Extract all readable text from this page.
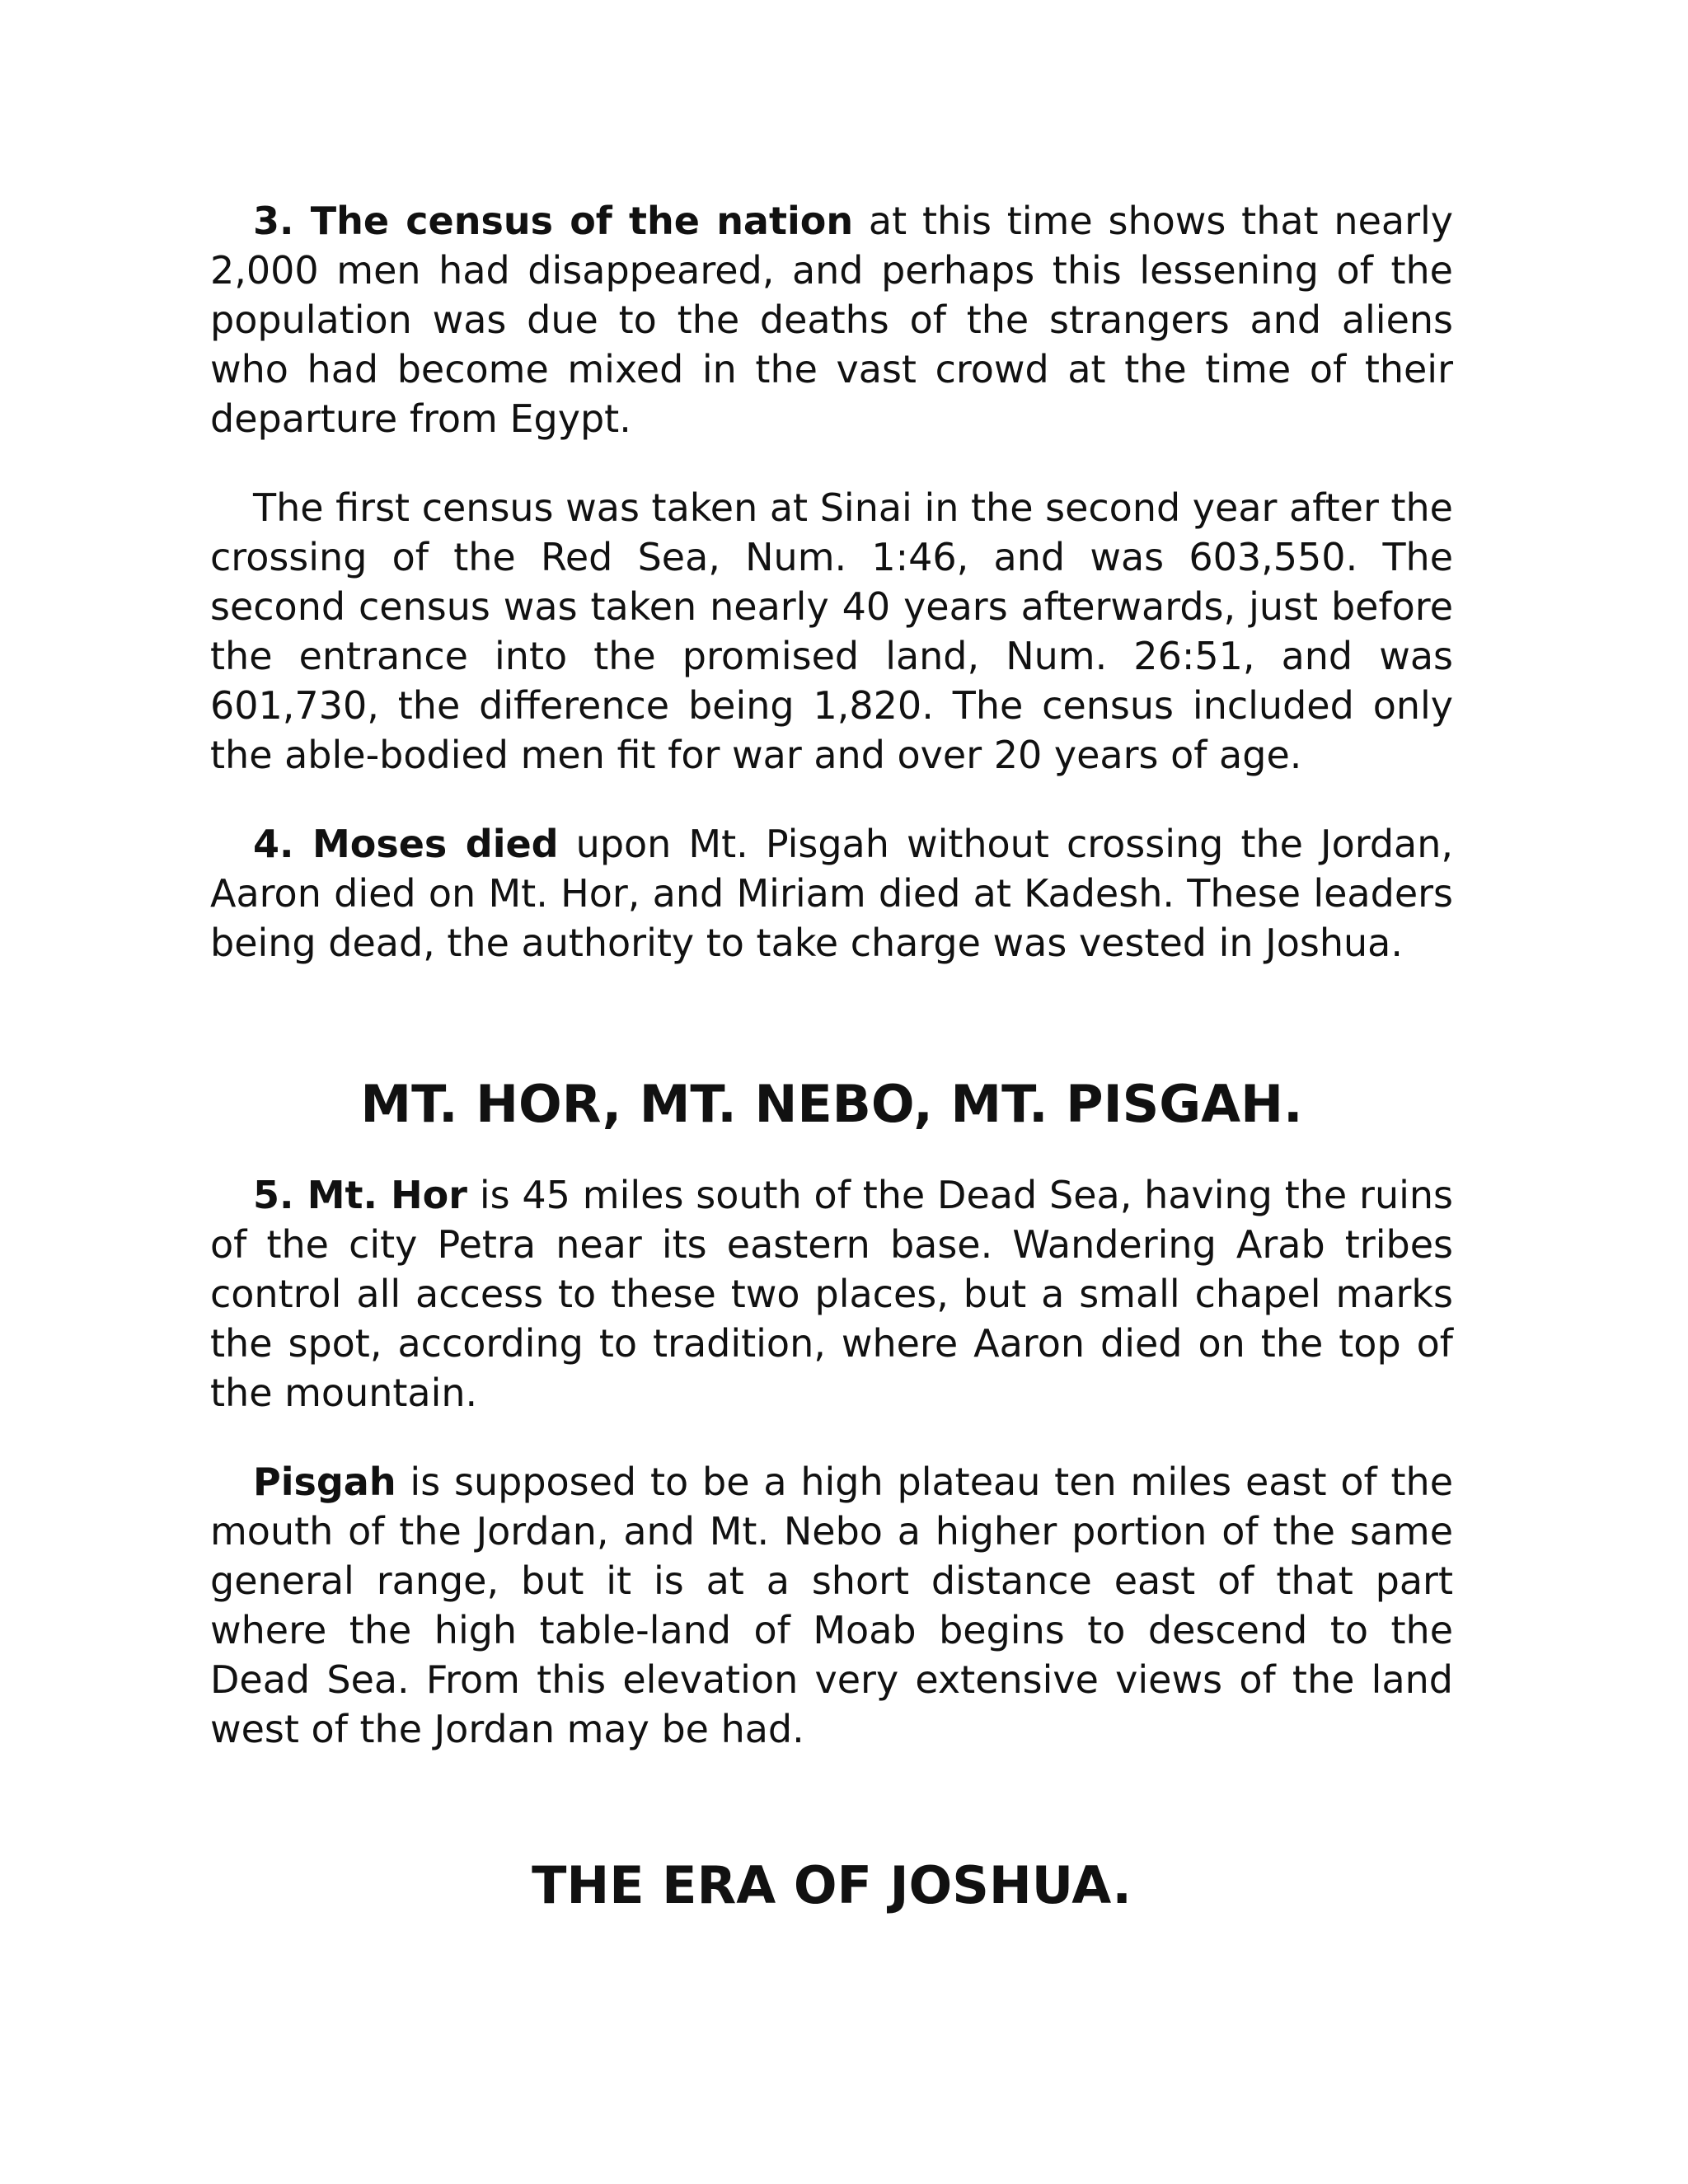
3. The census of the nation at this time shows that nearly 2,000 men had disappeared, and perhaps this lessening of the population was due to the deaths of the strangers and aliens who had become mixed in the vast crowd at the time of their departure from Egypt.

The first census was taken at Sinai in the second year after the crossing of the Red Sea, Num. 1:46, and was 603,550. The second census was taken nearly 40 years afterwards, just before the entrance into the promised land, Num. 26:51, and was 601,730, the difference being 1,820. The census included only the able-bodied men fit for war and over 20 years of age.

4. Moses died upon Mt. Pisgah without crossing the Jordan, Aaron died on Mt. Hor, and Miriam died at Kadesh. These leaders being dead, the authority to take charge was vested in Joshua.

MT. HOR, MT. NEBO, MT. PISGAH.

5. Mt. Hor is 45 miles south of the Dead Sea, having the ruins of the city Petra near its eastern base. Wandering Arab tribes control all access to these two places, but a small chapel marks the spot, according to tradition, where Aaron died on the top of the mountain.

Pisgah is supposed to be a high plateau ten miles east of the mouth of the Jordan, and Mt. Nebo a higher portion of the same general range, but it is at a short distance east of that part where the high table-land of Moab begins to descend to the Dead Sea. From this elevation very extensive views of the land west of the Jordan may be had.

THE ERA OF JOSHUA.
